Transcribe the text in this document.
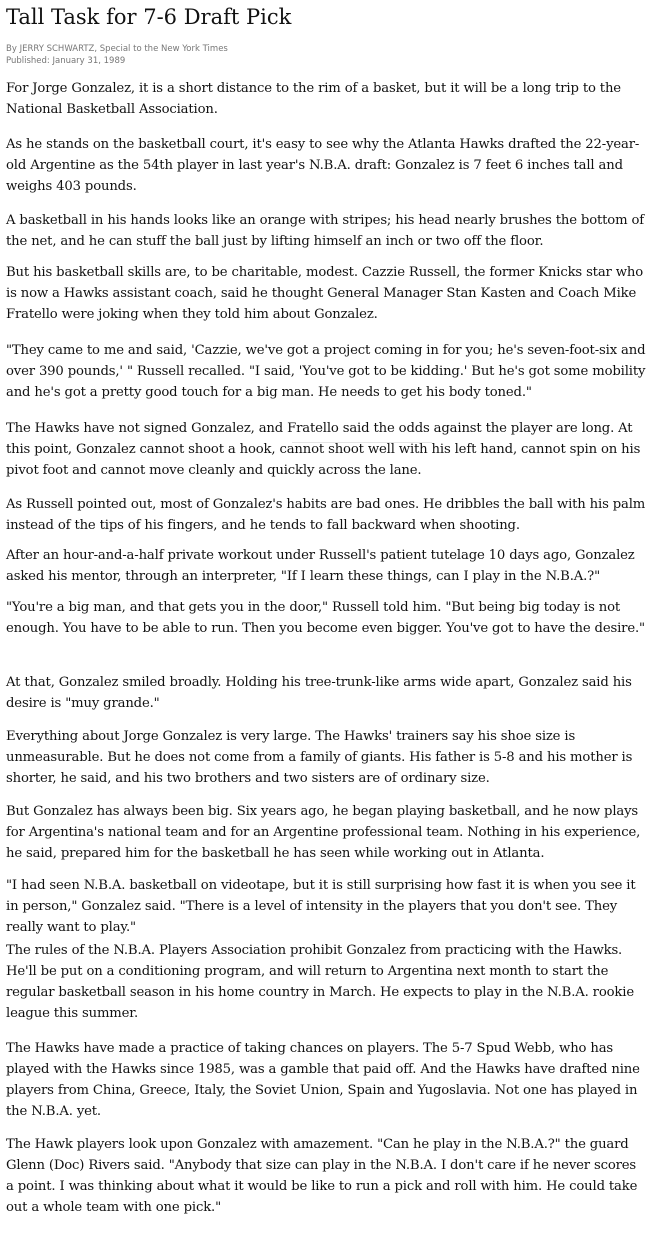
Tall Task for 7-6 Draft Pick
By JERRY SCHWARTZ, Special to the New York Times
Published: January 31, 1989

For Jorge Gonzalez, it is a short distance to the rim of a basket, but it will be a long trip to the National Basketball Association.

As he stands on the basketball court, it's easy to see why the Atlanta Hawks drafted the 22-year-old Argentine as the 54th player in last year's N.B.A. draft: Gonzalez is 7 feet 6 inches tall and weighs 403 pounds.

A basketball in his hands looks like an orange with stripes; his head nearly brushes the bottom of the net, and he can stuff the ball just by lifting himself an inch or two off the floor.

But his basketball skills are, to be charitable, modest. Cazzie Russell, the former Knicks star who is now a Hawks assistant coach, said he thought General Manager Stan Kasten and Coach Mike Fratello were joking when they told him about Gonzalez.

"They came to me and said, 'Cazzie, we've got a project coming in for you; he's seven-foot-six and over 390 pounds,' " Russell recalled. "I said, 'You've got to be kidding.' But he's got some mobility and he's got a pretty good touch for a big man. He needs to get his body toned."

The Hawks have not signed Gonzalez, and Fratello said the odds against the player are long. At this point, Gonzalez cannot shoot a hook, cannot shoot well with his left hand, cannot spin on his pivot foot and cannot move cleanly and quickly across the lane.

As Russell pointed out, most of Gonzalez's habits are bad ones. He dribbles the ball with his palm instead of the tips of his fingers, and he tends to fall backward when shooting.

After an hour-and-a-half private workout under Russell's patient tutelage 10 days ago, Gonzalez asked his mentor, through an interpreter, "If I learn these things, can I play in the N.B.A.?"

"You're a big man, and that gets you in the door," Russell told him. "But being big today is not enough. You have to be able to run. Then you become even bigger. You've got to have the desire."

At that, Gonzalez smiled broadly. Holding his tree-trunk-like arms wide apart, Gonzalez said his desire is "muy grande."

Everything about Jorge Gonzalez is very large. The Hawks' trainers say his shoe size is unmeasurable. But he does not come from a family of giants. His father is 5-8 and his mother is shorter, he said, and his two brothers and two sisters are of ordinary size.

But Gonzalez has always been big. Six years ago, he began playing basketball, and he now plays for Argentina's national team and for an Argentine professional team. Nothing in his experience, he said, prepared him for the basketball he has seen while working out in Atlanta.

"I had seen N.B.A. basketball on videotape, but it is still surprising how fast it is when you see it in person," Gonzalez said. "There is a level of intensity in the players that you don't see. They really want to play."

The rules of the N.B.A. Players Association prohibit Gonzalez from practicing with the Hawks. He'll be put on a conditioning program, and will return to Argentina next month to start the regular basketball season in his home country in March. He expects to play in the N.B.A. rookie league this summer.

The Hawks have made a practice of taking chances on players. The 5-7 Spud Webb, who has played with the Hawks since 1985, was a gamble that paid off. And the Hawks have drafted nine players from China, Greece, Italy, the Soviet Union, Spain and Yugoslavia. Not one has played in the N.B.A. yet.

The Hawk players look upon Gonzalez with amazement. "Can he play in the N.B.A.?" the guard Glenn (Doc) Rivers said. "Anybody that size can play in the N.B.A. I don't care if he never scores a point. I was thinking about what it would be like to run a pick and roll with him. He could take out a whole team with one pick."
